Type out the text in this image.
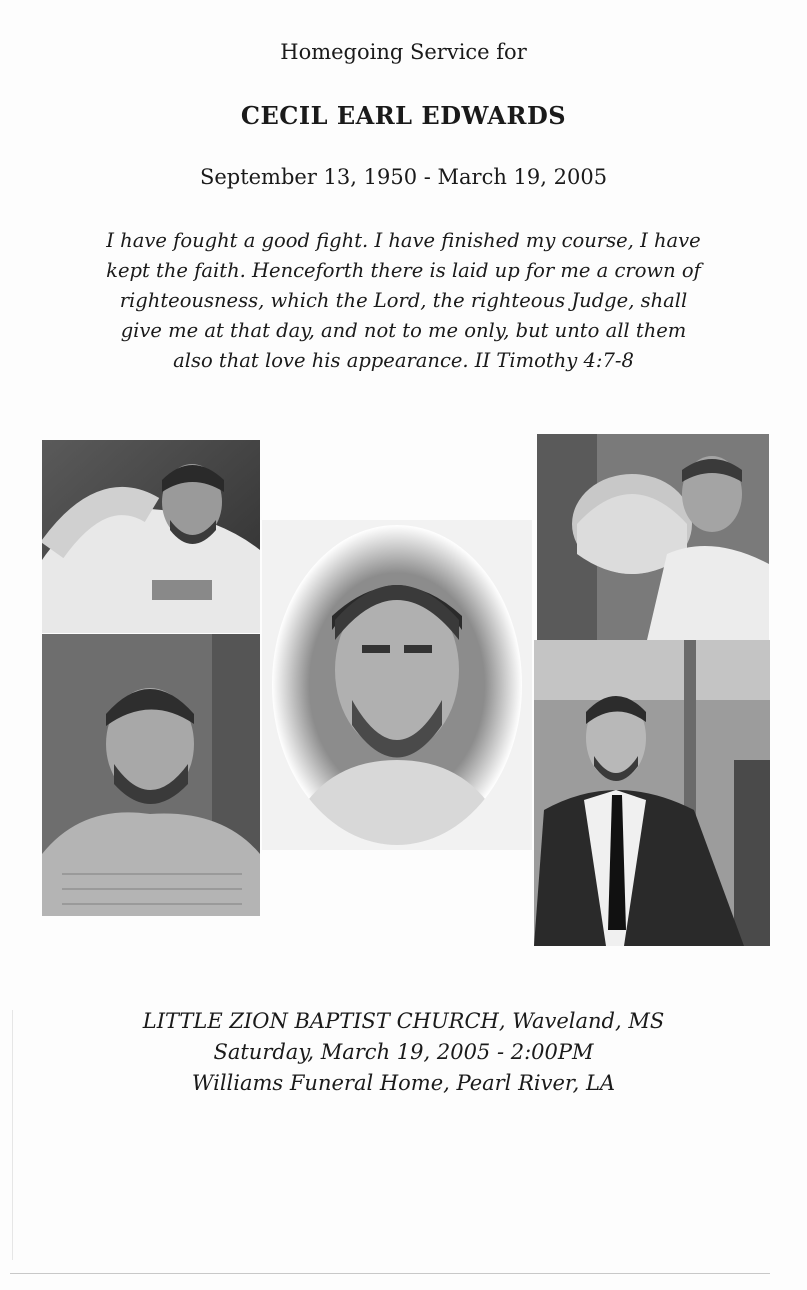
Homegoing Service for
CECIL EARL EDWARDS
September 13, 1950 - March 19, 2005
I have fought a good fight. I have finished my course, I have
kept the faith. Henceforth there is laid up for me a crown of
righteousness, which the Lord, the righteous Judge, shall
give me at that day, and not to me only, but unto all them
also that love his appearance. II Timothy 4:7-8
LITTLE ZION BAPTIST CHURCH, Waveland, MS
Saturday, March 19, 2005 - 2:00PM
Williams Funeral Home, Pearl River, LA
